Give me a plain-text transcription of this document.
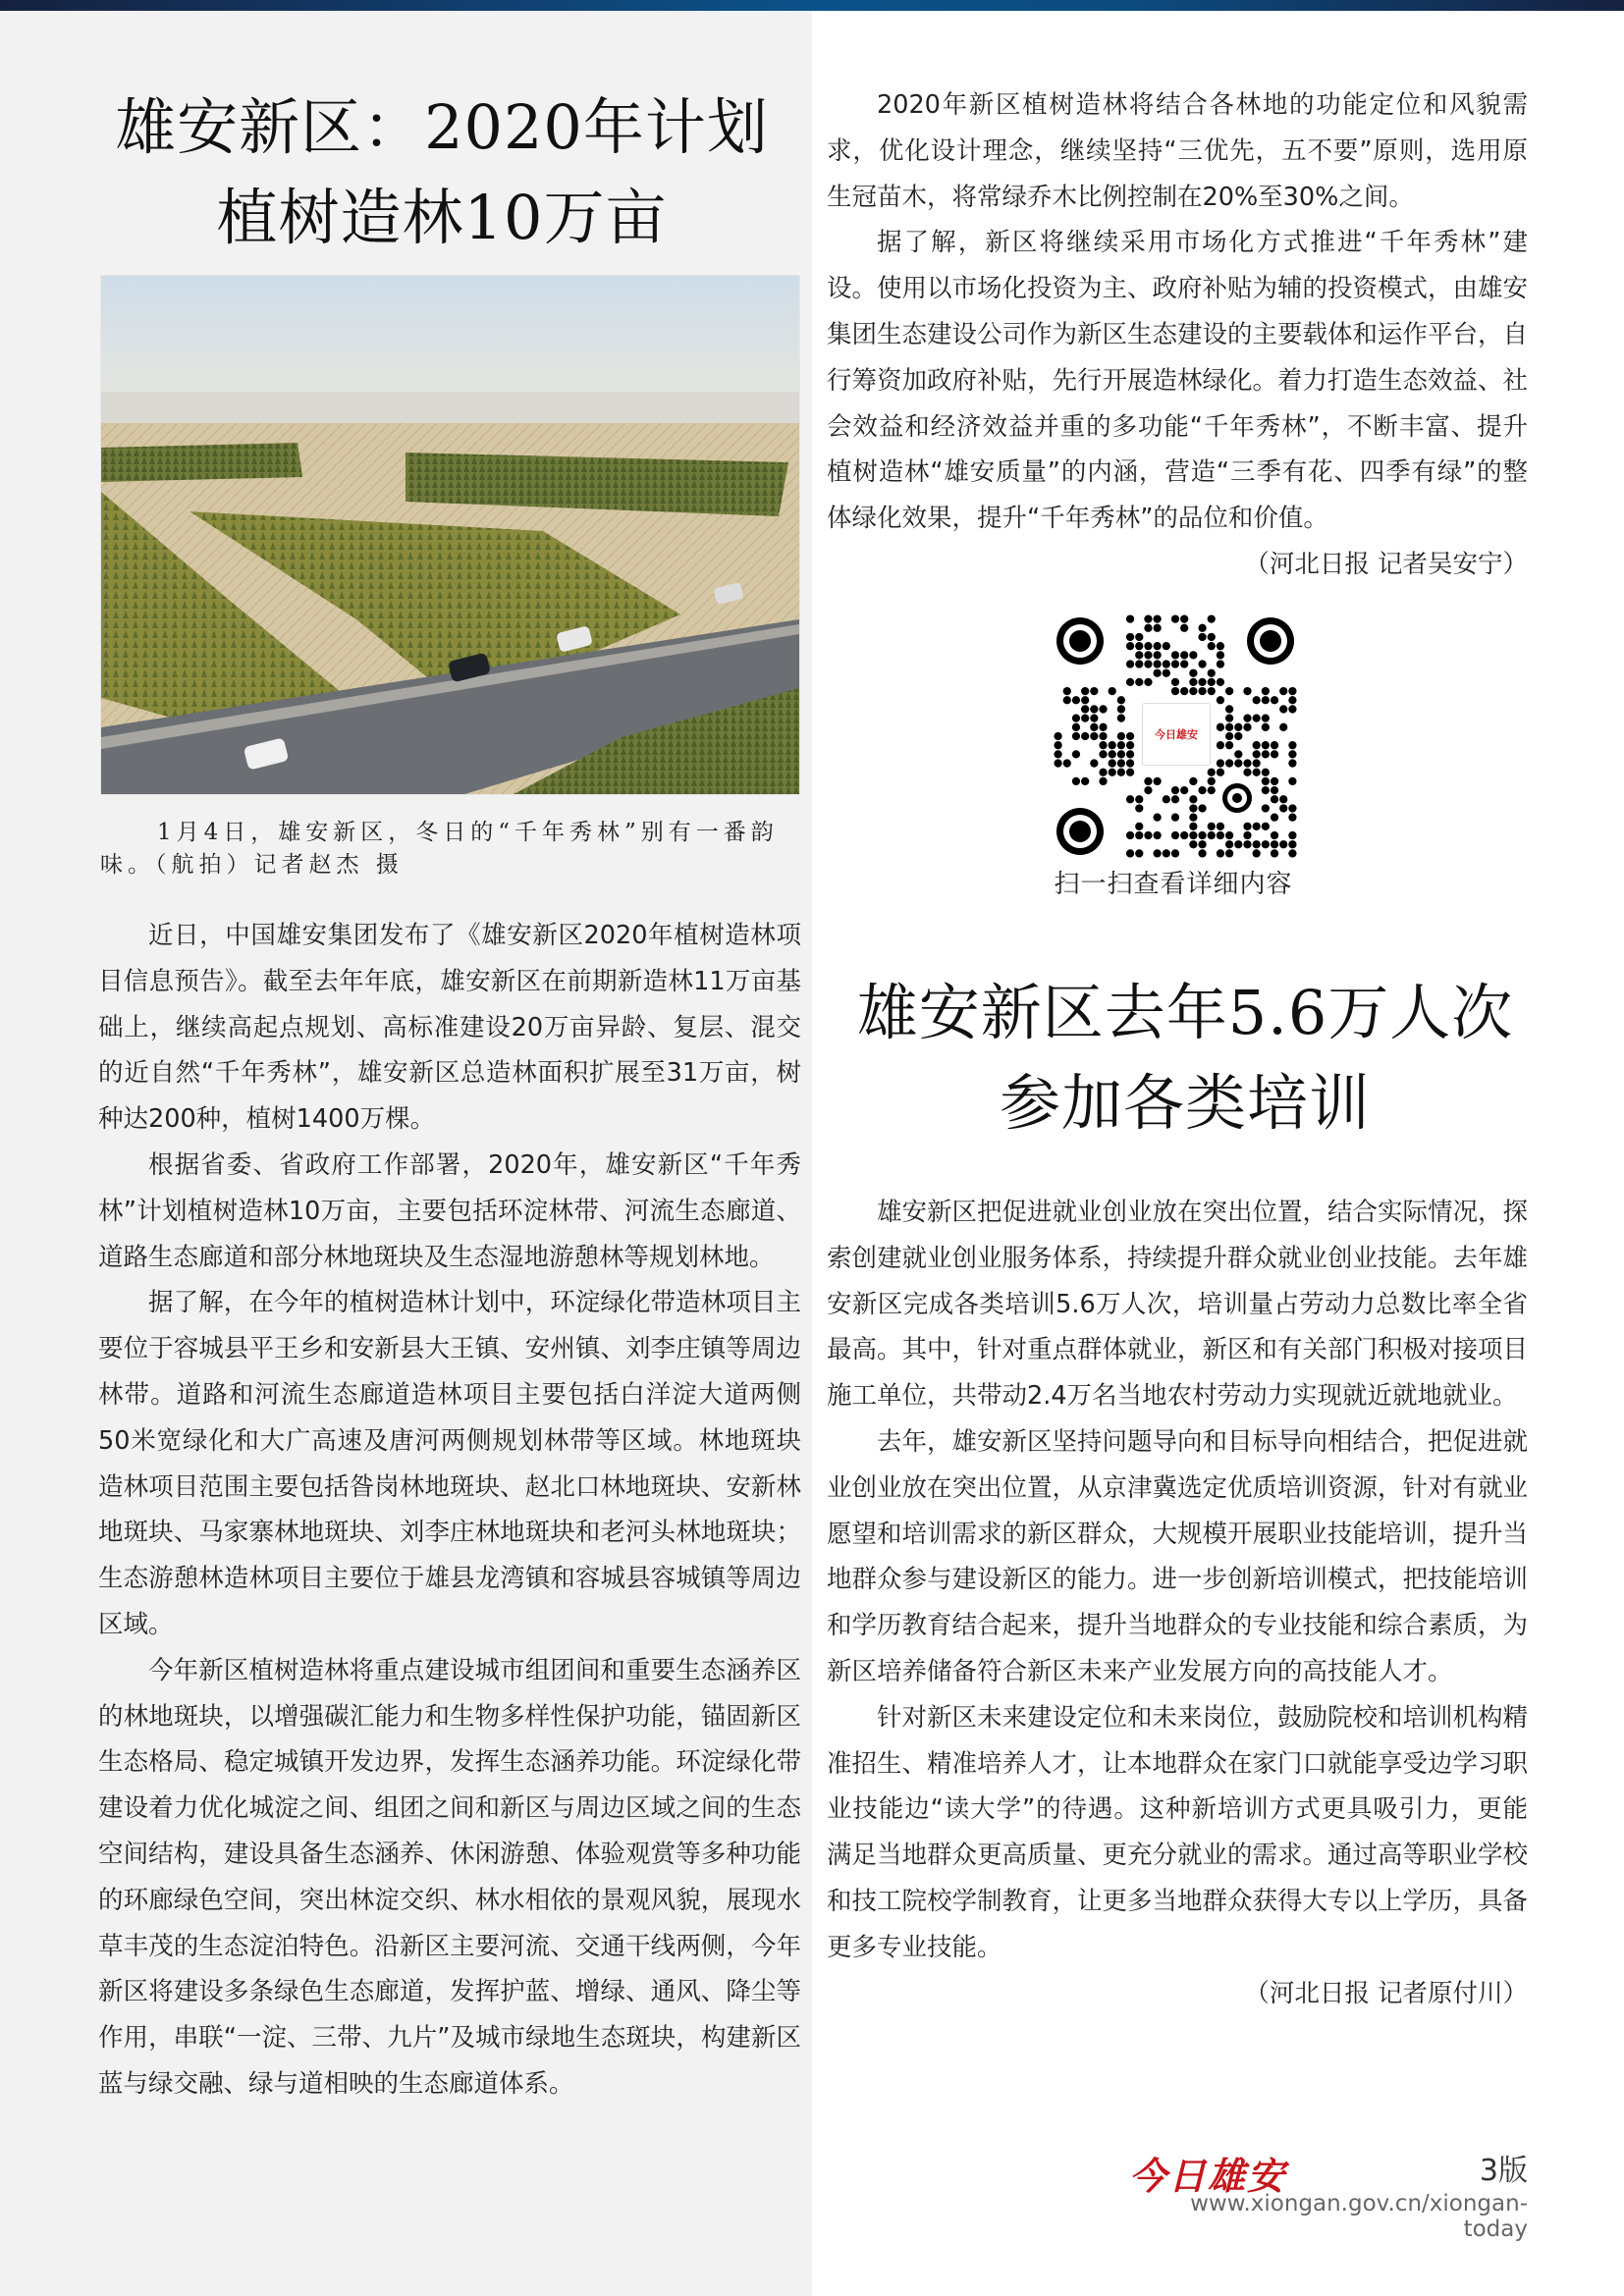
雄安新区：2020年计划
植树造林10万亩
1月4日，雄安新区，冬日的“千年秀林”别有一番韵味。（航拍）记者赵杰 摄

近日，中国雄安集团发布了《雄安新区2020年植树造林项目信息预告》。截至去年年底，雄安新区在前期新造林11万亩基础上，继续高起点规划、高标准建设20万亩异龄、复层、混交的近自然“千年秀林”，雄安新区总造林面积扩展至31万亩，树种达200种，植树1400万棵。

根据省委、省政府工作部署，2020年，雄安新区“千年秀林”计划植树造林10万亩，主要包括环淀林带、河流生态廊道、道路生态廊道和部分林地斑块及生态湿地游憩林等规划林地。

据了解，在今年的植树造林计划中，环淀绿化带造林项目主要位于容城县平王乡和安新县大王镇、安州镇、刘李庄镇等周边林带。道路和河流生态廊道造林项目主要包括白洋淀大道两侧50米宽绿化和大广高速及唐河两侧规划林带等区域。林地斑块造林项目范围主要包括昝岗林地斑块、赵北口林地斑块、安新林地斑块、马家寨林地斑块、刘李庄林地斑块和老河头林地斑块；生态游憩林造林项目主要位于雄县龙湾镇和容城县容城镇等周边区域。

今年新区植树造林将重点建设城市组团间和重要生态涵养区的林地斑块，以增强碳汇能力和生物多样性保护功能，锚固新区生态格局、稳定城镇开发边界，发挥生态涵养功能。环淀绿化带建设着力优化城淀之间、组团之间和新区与周边区域之间的生态空间结构，建设具备生态涵养、休闲游憩、体验观赏等多种功能的环廊绿色空间，突出林淀交织、林水相依的景观风貌，展现水草丰茂的生态淀泊特色。沿新区主要河流、交通干线两侧，今年新区将建设多条绿色生态廊道，发挥护蓝、增绿、通风、降尘等作用，串联“一淀、三带、九片”及城市绿地生态斑块，构建新区蓝与绿交融、绿与道相映的生态廊道体系。

2020年新区植树造林将结合各林地的功能定位和风貌需求，优化设计理念，继续坚持“三优先，五不要”原则，选用原生冠苗木，将常绿乔木比例控制在20%至30%之间。

据了解，新区将继续采用市场化方式推进“千年秀林”建设。使用以市场化投资为主、政府补贴为辅的投资模式，由雄安集团生态建设公司作为新区生态建设的主要载体和运作平台，自行筹资加政府补贴，先行开展造林绿化。着力打造生态效益、社会效益和经济效益并重的多功能“千年秀林”，不断丰富、提升植树造林“雄安质量”的内涵，营造“三季有花、四季有绿”的整体绿化效果，提升“千年秀林”的品位和价值。
（河北日报 记者吴安宁）

今日雄安
扫一扫查看详细内容
雄安新区去年5.6万人次
参加各类培训

雄安新区把促进就业创业放在突出位置，结合实际情况，探索创建就业创业服务体系，持续提升群众就业创业技能。去年雄安新区完成各类培训5.6万人次，培训量占劳动力总数比率全省最高。其中，针对重点群体就业，新区和有关部门积极对接项目施工单位，共带动2.4万名当地农村劳动力实现就近就地就业。

去年，雄安新区坚持问题导向和目标导向相结合，把促进就业创业放在突出位置，从京津冀选定优质培训资源，针对有就业愿望和培训需求的新区群众，大规模开展职业技能培训，提升当地群众参与建设新区的能力。进一步创新培训模式，把技能培训和学历教育结合起来，提升当地群众的专业技能和综合素质，为新区培养储备符合新区未来产业发展方向的高技能人才。

针对新区未来建设定位和未来岗位，鼓励院校和培训机构精准招生、精准培养人才，让本地群众在家门口就能享受边学习职业技能边“读大学”的待遇。这种新培训方式更具吸引力，更能满足当地群众更高质量、更充分就业的需求。通过高等职业学校和技工院校学制教育，让更多当地群众获得大专以上学历，具备更多专业技能。

（河北日报 记者原付川）

今日雄安	3版
www.xiongan.gov.cn/xiongan-today
